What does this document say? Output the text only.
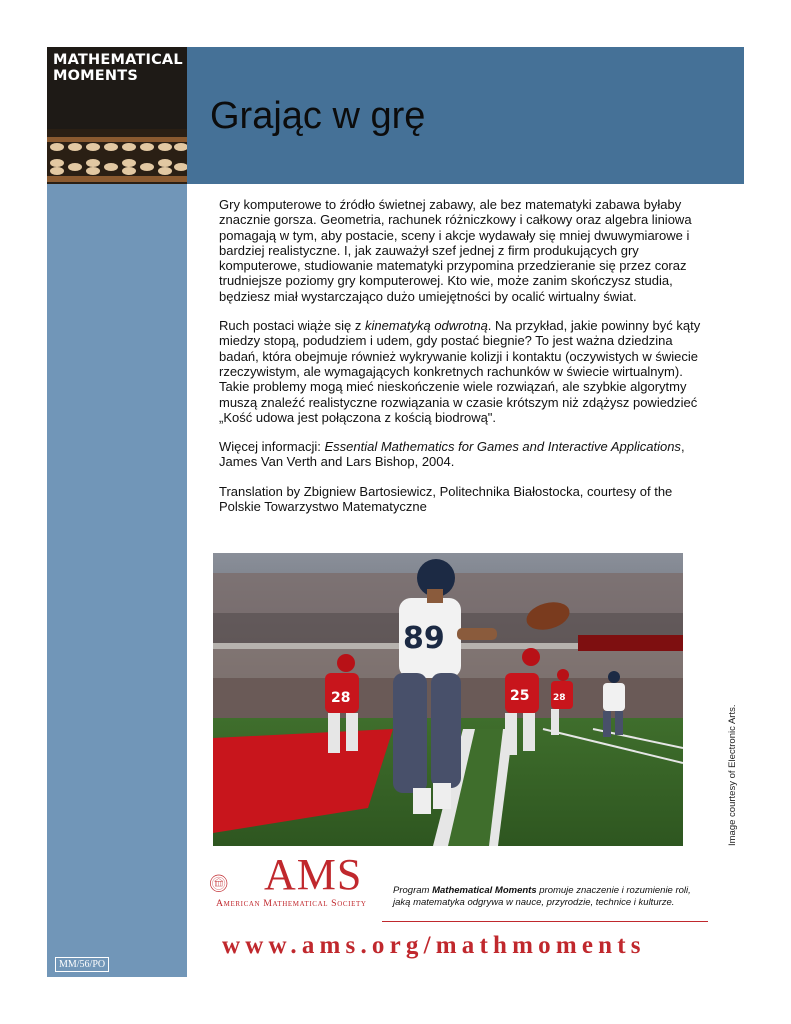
MATHEMATICAL
MOMENTS
Grając w grę

Gry komputerowe to źródło świetnej zabawy, ale bez matematyki zabawa byłaby znacznie gorsza. Geometria, rachunek różniczkowy i całkowy oraz algebra liniowa pomagają w tym, aby postacie, sceny i akcje wydawały się mniej dwuwymiarowe i bardziej realistyczne. I, jak zauważył szef jednej z firm produkujących gry komputerowe, studiowanie matematyki przypomina przedzieranie się przez coraz trudniejsze poziomy gry komputerowej. Kto wie, może zanim skończysz studia, będziesz miał wystarczająco dużo umiejętności by ocalić wirtualny świat.

Ruch postaci wiąże się z kinematyką odwrotną. Na przykład, jakie powinny być kąty miedzy stopą, podudziem i udem, gdy postać biegnie? To jest ważna dziedzina badań, która obejmuje również wykrywanie kolizji i kontaktu (oczywistych w świecie rzeczywistym, ale wymagających konkretnych rachunków w świecie wirtualnym). Takie problemy mogą mieć nieskończenie wiele rozwiązań, ale szybkie algorytmy muszą znaleźć realistyczne rozwiązania w czasie krótszym niż zdążysz powiedzieć „Kość udowa jest połączona z kością biodrową".

Więcej informacji: Essential Mathematics for Games and Interactive Applications, James Van Verth and Lars Bishop, 2004.

Translation by Zbigniew Bartosiewicz, Politechnika Białostocka, courtesy of the Polskie Towarzystwo Matematyczne

28	25	28
89
Image courtesy of Electronic Arts.
AMS
American Mathematical Society
Program Mathematical Moments promuje znaczenie i rozumienie roli, jaką matematyka odgrywa w nauce, przyrodzie, technice i kulturze.
www.ams.org/mathmoments
MM/56/PO
